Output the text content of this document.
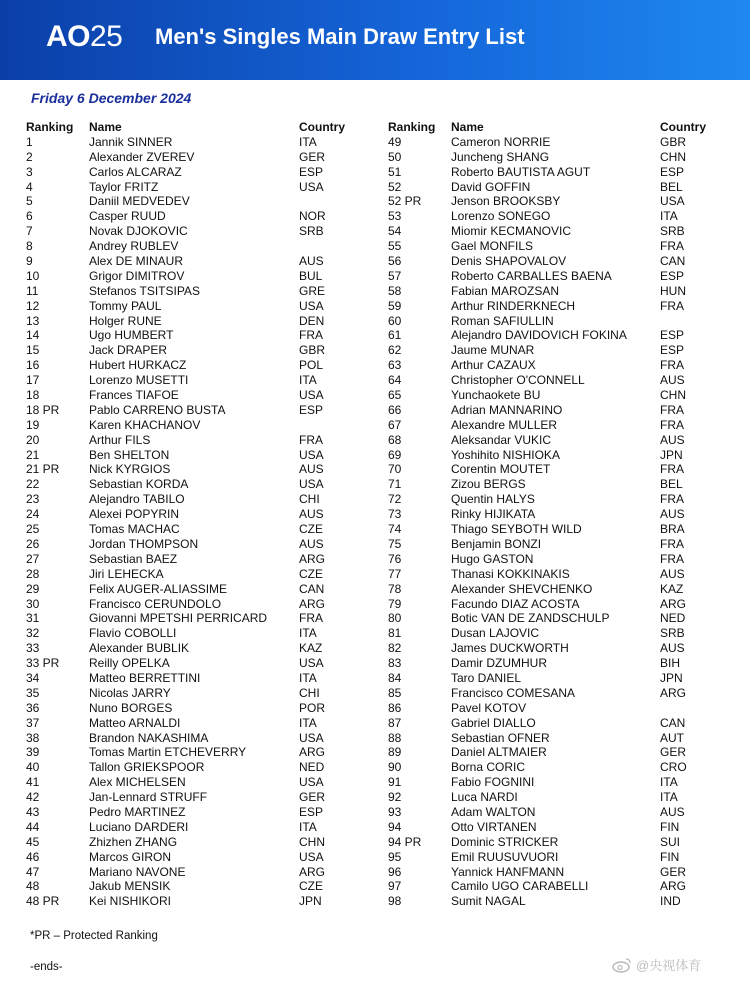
AO25 Men's Singles Main Draw Entry List
Friday 6 December 2024
Ranking Name	Country
1	Jannik SINNER	ITA
2	Alexander ZVEREV	GER
3	Carlos ALCARAZ	ESP
4	Taylor FRITZ	USA
5	Daniil MEDVEDEV
6	Casper RUUD	NOR
7	Novak DJOKOVIC	SRB
8	Andrey RUBLEV
9	Alex DE MINAUR	AUS
10	Grigor DIMITROV	BUL
11	Stefanos TSITSIPAS	GRE
12	Tommy PAUL	USA
13	Holger RUNE	DEN
14	Ugo HUMBERT	FRA
15	Jack DRAPER	GBR
16	Hubert HURKACZ	POL
17	Lorenzo MUSETTI	ITA
18	Frances TIAFOE	USA
18 PR Pablo CARRENO BUSTA	ESP
19	Karen KHACHANOV
20	Arthur FILS	FRA
21	Ben SHELTON	USA
21 PR Nick KYRGIOS	AUS
22	Sebastian KORDA	USA
23	Alejandro TABILO	CHI
24	Alexei POPYRIN	AUS
25	Tomas MACHAC	CZE
26	Jordan THOMPSON	AUS
27	Sebastian BAEZ	ARG
28	Jiri LEHECKA	CZE
29	Felix AUGER-ALIASSIME	CAN
30	Francisco CERUNDOLO	ARG
31	Giovanni MPETSHI PERRICARD	FRA
32	Flavio COBOLLI	ITA
33	Alexander BUBLIK	KAZ
33 PR Reilly OPELKA	USA
34	Matteo BERRETTINI	ITA
35	Nicolas JARRY	CHI
36	Nuno BORGES	POR
37	Matteo ARNALDI	ITA
38	Brandon NAKASHIMA	USA
39	Tomas Martin ETCHEVERRY	ARG
40	Tallon GRIEKSPOOR	NED
41	Alex MICHELSEN	USA
42	Jan-Lennard STRUFF	GER
43	Pedro MARTINEZ	ESP
44	Luciano DARDERI	ITA
45	Zhizhen ZHANG	CHN
46	Marcos GIRON	USA
47	Mariano NAVONE	ARG
48	Jakub MENSIK	CZE
48 PR Kei NISHIKORI	JPN
Ranking Name	Country
49	Cameron NORRIE	GBR
50	Juncheng SHANG	CHN
51	Roberto BAUTISTA AGUT	ESP
52	David GOFFIN	BEL
52 PR Jenson BROOKSBY	USA
53	Lorenzo SONEGO	ITA
54	Miomir KECMANOVIC	SRB
55	Gael MONFILS	FRA
56	Denis SHAPOVALOV	CAN
57	Roberto CARBALLES BAENA	ESP
58	Fabian MAROZSAN	HUN
59	Arthur RINDERKNECH	FRA
60	Roman SAFIULLIN
61	Alejandro DAVIDOVICH FOKINA	ESP
62	Jaume MUNAR	ESP
63	Arthur CAZAUX	FRA
64	Christopher O'CONNELL	AUS
65	Yunchaokete BU	CHN
66	Adrian MANNARINO	FRA
67	Alexandre MULLER	FRA
68	Aleksandar VUKIC	AUS
69	Yoshihito NISHIOKA	JPN
70	Corentin MOUTET	FRA
71	Zizou BERGS	BEL
72	Quentin HALYS	FRA
73	Rinky HIJIKATA	AUS
74	Thiago SEYBOTH WILD	BRA
75	Benjamin BONZI	FRA
76	Hugo GASTON	FRA
77	Thanasi KOKKINAKIS	AUS
78	Alexander SHEVCHENKO	KAZ
79	Facundo DIAZ ACOSTA	ARG
80	Botic VAN DE ZANDSCHULP	NED
81	Dusan LAJOVIC	SRB
82	James DUCKWORTH	AUS
83	Damir DZUMHUR	BIH
84	Taro DANIEL	JPN
85	Francisco COMESANA	ARG
86	Pavel KOTOV
87	Gabriel DIALLO	CAN
88	Sebastian OFNER	AUT
89	Daniel ALTMAIER	GER
90	Borna CORIC	CRO
91	Fabio FOGNINI	ITA
92	Luca NARDI	ITA
93	Adam WALTON	AUS
94	Otto VIRTANEN	FIN
94 PR Dominic STRICKER	SUI
95	Emil RUUSUVUORI	FIN
96	Yannick HANFMANN	GER
97	Camilo UGO CARABELLI	ARG
98	Sumit NAGAL	IND
*PR – Protected Ranking
-ends-	@央视体育
